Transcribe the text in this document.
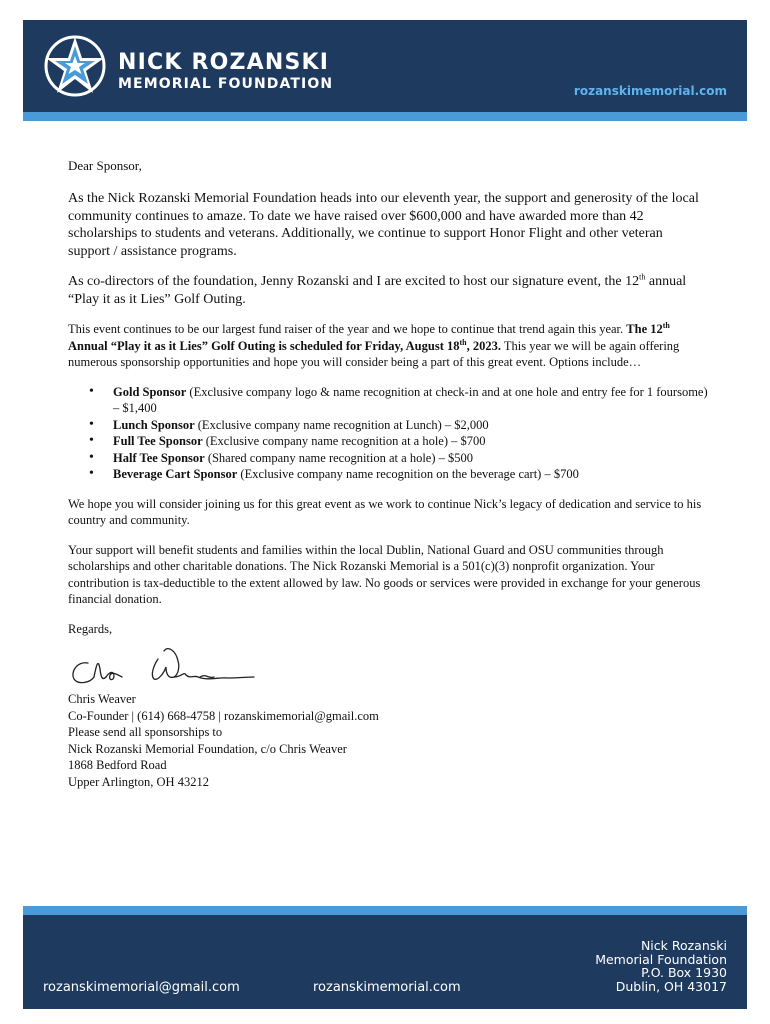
NICK ROZANSKI
MEMORIAL FOUNDATION	rozanskimemorial.com

Dear Sponsor,

As the Nick Rozanski Memorial Foundation heads into our eleventh year, the support and generosity of the local community continues to amaze. To date we have raised over $600,000 and have awarded more than 42 scholarships to students and veterans. Additionally, we continue to support Honor Flight and other veteran support / assistance programs.

As co-directors of the foundation, Jenny Rozanski and I are excited to host our signature event, the 12th annual “Play it as it Lies” Golf Outing.

This event continues to be our largest fund raiser of the year and we hope to continue that trend again this year. The 12th Annual “Play it as it Lies” Golf Outing is scheduled for Friday, August 18th, 2023. This year we will be again offering numerous sponsorship opportunities and hope you will consider being a part of this great event. Options include…

• Gold Sponsor (Exclusive company logo & name recognition at check-in and at one hole and entry fee for 1 foursome) – $1,400
• Lunch Sponsor (Exclusive company name recognition at Lunch) – $2,000
• Full Tee Sponsor (Exclusive company name recognition at a hole) – $700
• Half Tee Sponsor (Shared company name recognition at a hole) – $500
• Beverage Cart Sponsor (Exclusive company name recognition on the beverage cart) – $700

We hope you will consider joining us for this great event as we work to continue Nick’s legacy of dedication and service to his country and community.

Your support will benefit students and families within the local Dublin, National Guard and OSU communities through scholarships and other charitable donations. The Nick Rozanski Memorial is a 501(c)(3) nonprofit organization. Your contribution is tax-deductible to the extent allowed by law. No goods or services were provided in exchange for your generous financial donation.

Regards,
Chris Weaver
Co-Founder | (614) 668-4758 | rozanskimemorial@gmail.com
Please send all sponsorships to
Nick Rozanski Memorial Foundation, c/o Chris Weaver
1868 Bedford Road
Upper Arlington, OH 43212
rozanskimemorial@gmail.com	rozanskimemorial.com
Nick Rozanski
Memorial Foundation
P.O. Box 1930
Dublin, OH 43017
